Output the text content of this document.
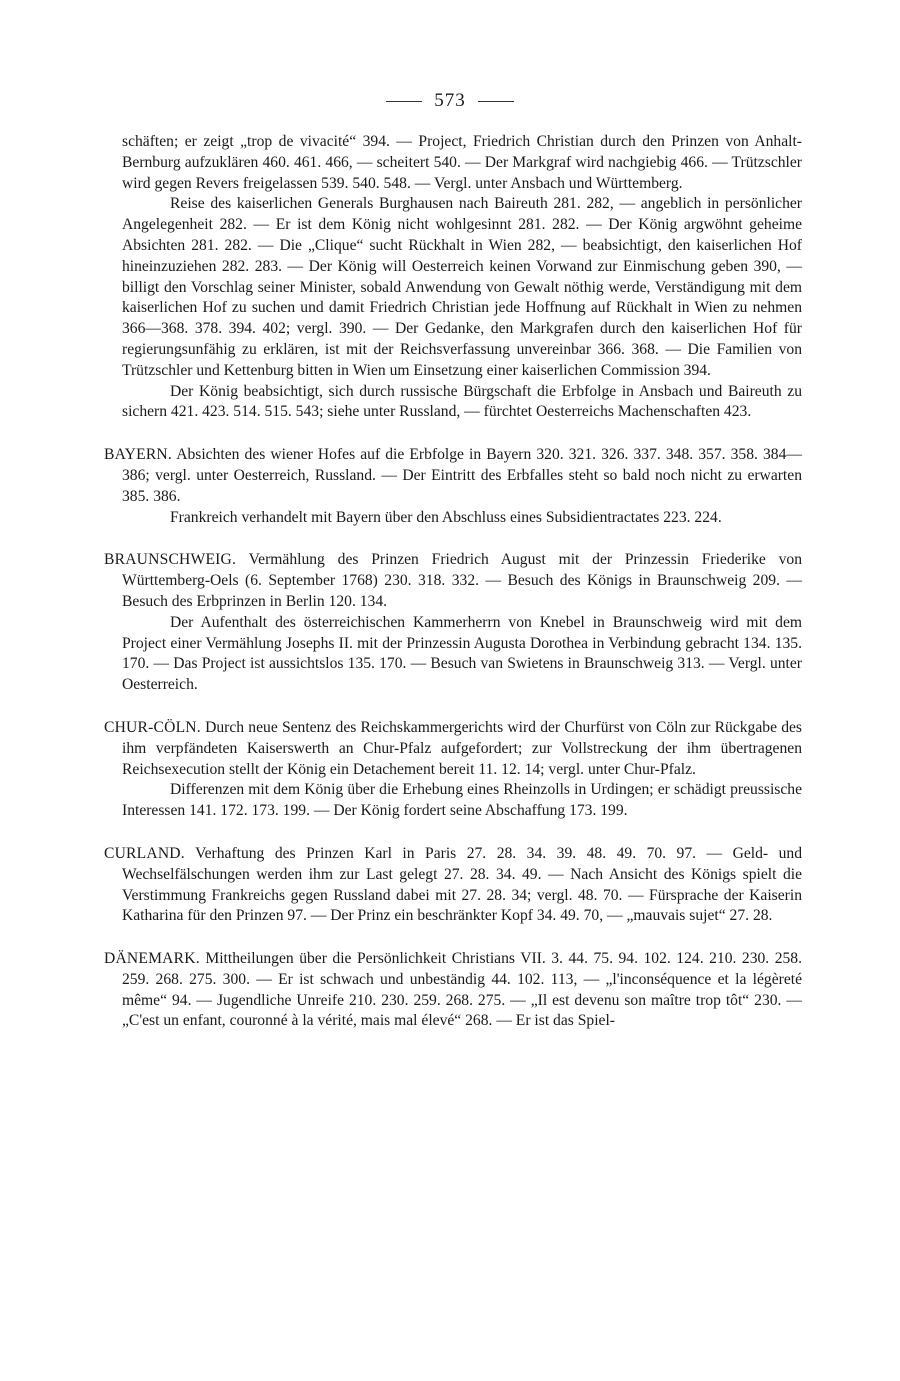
573

schäften; er zeigt „trop de vivacité“ 394. — Project, Friedrich Christian durch den Prinzen von Anhalt-Bernburg aufzuklären 460. 461. 466, — scheitert 540. — Der Markgraf wird nachgiebig 466. — Trützschler wird gegen Revers freigelassen 539. 540. 548. — Vergl. unter Ansbach und Württemberg.

Reise des kaiserlichen Generals Burghausen nach Baireuth 281. 282, — angeblich in persönlicher Angelegenheit 282. — Er ist dem König nicht wohlgesinnt 281. 282. — Der König argwöhnt geheime Absichten 281. 282. — Die „Clique“ sucht Rückhalt in Wien 282, — beabsichtigt, den kaiserlichen Hof hineinzuziehen 282. 283. — Der König will Oesterreich keinen Vorwand zur Einmischung geben 390, — billigt den Vorschlag seiner Minister, sobald Anwendung von Gewalt nöthig werde, Verständigung mit dem kaiserlichen Hof zu suchen und damit Friedrich Christian jede Hoffnung auf Rückhalt in Wien zu nehmen 366—368. 378. 394. 402; vergl. 390. — Der Gedanke, den Markgrafen durch den kaiserlichen Hof für regierungsunfähig zu erklären, ist mit der Reichsverfassung unvereinbar 366. 368. — Die Familien von Trützschler und Kettenburg bitten in Wien um Einsetzung einer kaiserlichen Commission 394.

Der König beabsichtigt, sich durch russische Bürgschaft die Erbfolge in Ansbach und Baireuth zu sichern 421. 423. 514. 515. 543; siehe unter Russland, — fürchtet Oesterreichs Machenschaften 423.

BAYERN. Absichten des wiener Hofes auf die Erbfolge in Bayern 320. 321. 326. 337. 348. 357. 358. 384—386; vergl. unter Oesterreich, Russland. — Der Eintritt des Erbfalles steht so bald noch nicht zu erwarten 385. 386.

Frankreich verhandelt mit Bayern über den Abschluss eines Subsidientractates 223. 224.

BRAUNSCHWEIG. Vermählung des Prinzen Friedrich August mit der Prinzessin Friederike von Württemberg-Oels (6. September 1768) 230. 318. 332. — Besuch des Königs in Braunschweig 209. — Besuch des Erbprinzen in Berlin 120. 134.

Der Aufenthalt des österreichischen Kammerherrn von Knebel in Braunschweig wird mit dem Project einer Vermählung Josephs II. mit der Prinzessin Augusta Dorothea in Verbindung gebracht 134. 135. 170. — Das Project ist aussichtslos 135. 170. — Besuch van Swietens in Braunschweig 313. — Vergl. unter Oesterreich.

CHUR-CÖLN. Durch neue Sentenz des Reichskammergerichts wird der Churfürst von Cöln zur Rückgabe des ihm verpfändeten Kaiserswerth an Chur-Pfalz aufgefordert; zur Vollstreckung der ihm übertragenen Reichsexecution stellt der König ein Detachement bereit 11. 12. 14; vergl. unter Chur-Pfalz.

Differenzen mit dem König über die Erhebung eines Rheinzolls in Urdingen; er schädigt preussische Interessen 141. 172. 173. 199. — Der König fordert seine Abschaffung 173. 199.

CURLAND. Verhaftung des Prinzen Karl in Paris 27. 28. 34. 39. 48. 49. 70. 97. — Geld- und Wechselfälschungen werden ihm zur Last gelegt 27. 28. 34. 49. — Nach Ansicht des Königs spielt die Verstimmung Frankreichs gegen Russland dabei mit 27. 28. 34; vergl. 48. 70. — Fürsprache der Kaiserin Katharina für den Prinzen 97. — Der Prinz ein beschränkter Kopf 34. 49. 70, — „mauvais sujet“ 27. 28.

DÄNEMARK. Mittheilungen über die Persönlichkeit Christians VII. 3. 44. 75. 94. 102. 124. 210. 230. 258. 259. 268. 275. 300. — Er ist schwach und unbeständig 44. 102. 113, — „l'inconséquence et la légèreté même“ 94. — Jugendliche Unreife 210. 230. 259. 268. 275. — „Il est devenu son maître trop tôt“ 230. — „C'est un enfant, couronné à la vérité, mais mal élevé“ 268. — Er ist das Spiel-
